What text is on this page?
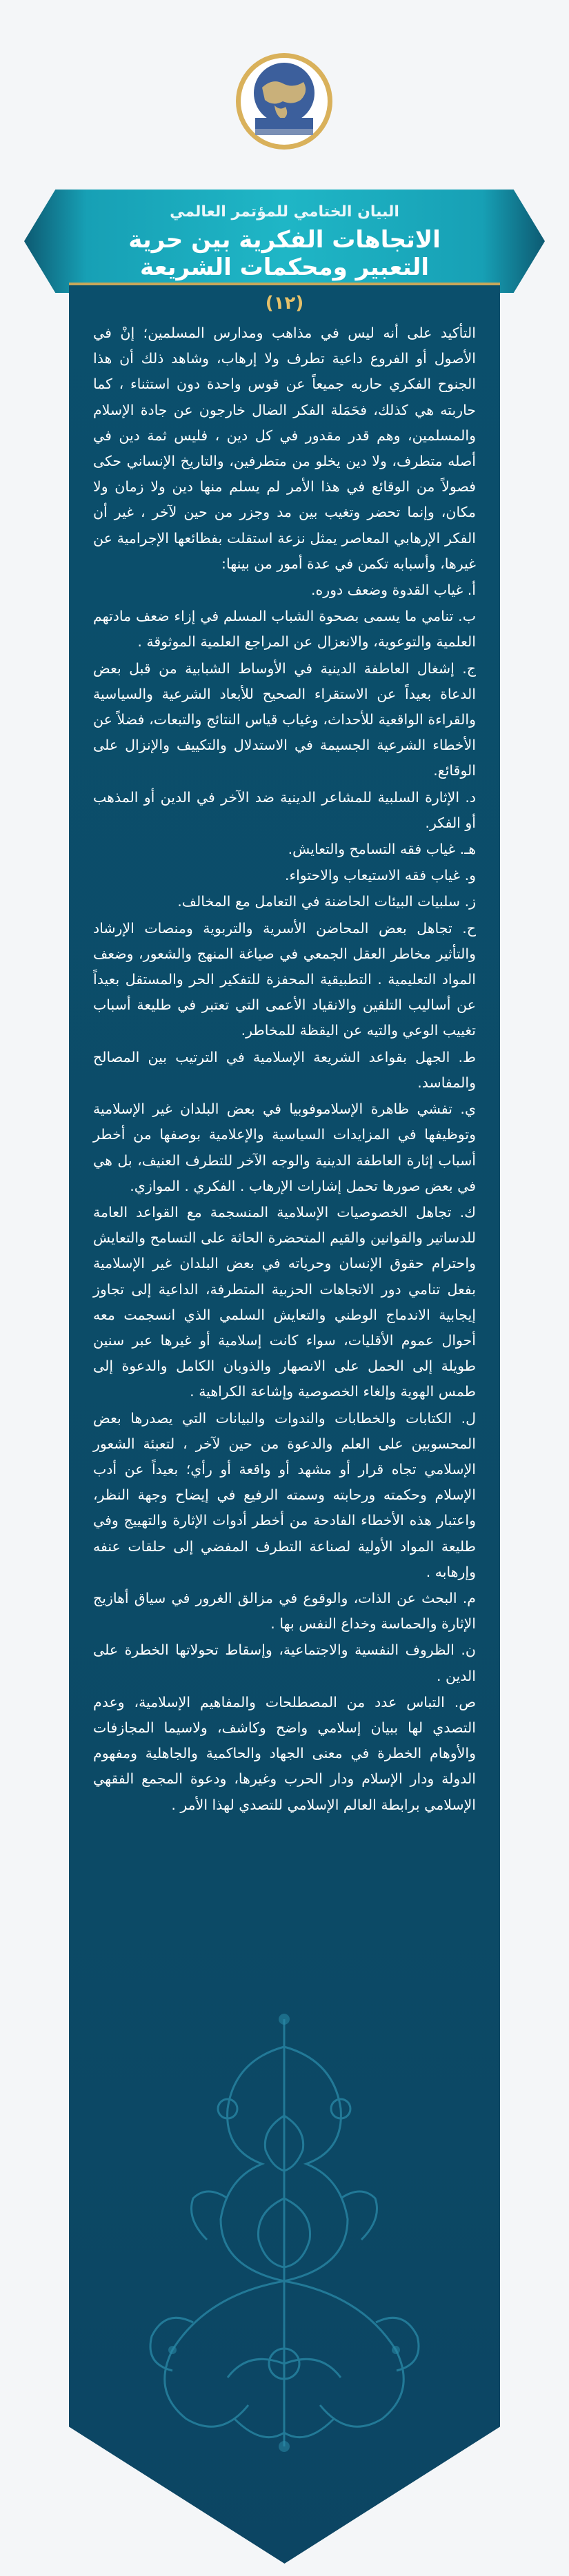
البيان الختامي للمؤتمر العالمي
الاتجاهات الفكرية بين حرية
التعبير ومحكمات الشريعة
(١٢)

التأكيد على أنه ليس في مذاهب ومدارس المسلمين؛ إنْ في الأصول أو الفروع داعية تطرف ولا إرهاب، وشاهد ذلك أن هذا الجنوح الفكري حاربه جميعاً عن قوس واحدة دون استثناء ، كما حاربته هي كذلك، فحَمَلة الفكر الضال خارجون عن جادة الإسلام والمسلمين، وهم قدر مقدور في كل دين ، فليس ثمة دين في أصله متطرف، ولا دين يخلو من متطرفين، والتاريخ الإنساني حكى فصولاً من الوقائع في هذا الأمر لم يسلم منها دين ولا زمان ولا مكان، وإنما تحضر وتغيب بين مد وجزر من حين لآخر ، غير أن الفكر الإرهابي المعاصر يمثل نزعة استقلت بفظائعها الإجرامية عن غيرها، وأسبابه تكمن في عدة أمور من بينها:

أ. غياب القدوة وضعف دوره.

ب. تنامي ما يسمى بصحوة الشباب المسلم في إزاء ضعف مادتهم العلمية والتوعوية، والانعزال عن المراجع العلمية الموثوقة .

ج. إشغال العاطفة الدينية في الأوساط الشبابية من قبل بعض الدعاة بعيداً عن الاستقراء الصحيح للأبعاد الشرعية والسياسية والقراءة الواقعية للأحداث، وغياب قياس النتائج والتبعات، فضلاً عن الأخطاء الشرعية الجسيمة في الاستدلال والتكييف والإنزال على الوقائع.

د. الإثارة السلبية للمشاعر الدينية ضد الآخر في الدين أو المذهب أو الفكر.

هـ. غياب فقه التسامح والتعايش.

و. غياب فقه الاستيعاب والاحتواء.

ز. سلبيات البيئات الحاضنة في التعامل مع المخالف.

ح. تجاهل بعض المحاضن الأسرية والتربوية ومنصات الإرشاد والتأثير مخاطر العقل الجمعي في صياغة المنهج والشعور، وضعف المواد التعليمية . التطبيقية المحفزة للتفكير الحر والمستقل بعيداً عن أساليب التلقين والانقياد الأعمى التي تعتبر في طليعة أسباب تغييب الوعي والتيه عن اليقظة للمخاطر.

ط. الجهل بقواعد الشريعة الإسلامية في الترتيب بين المصالح والمفاسد.

ي. تفشي ظاهرة الإسلاموفوبيا في بعض البلدان غير الإسلامية وتوظيفها في المزايدات السياسية والإعلامية بوصفها من أخطر أسباب إثارة العاطفة الدينية والوجه الآخر للتطرف العنيف، بل هي في بعض صورها تحمل إشارات الإرهاب . الفكري . الموازي.

ك. تجاهل الخصوصيات الإسلامية المنسجمة مع القواعد العامة للدساتير والقوانين والقيم المتحضرة الحاثة على التسامح والتعايش واحترام حقوق الإنسان وحرياته في بعض البلدان غير الإسلامية بفعل تنامي دور الاتجاهات الحزبية المتطرفة، الداعية إلى تجاوز إيجابية الاندماج الوطني والتعايش السلمي الذي انسجمت معه أحوال عموم الأقليات، سواء كانت إسلامية أو غيرها عبر سنين طويلة إلى الحمل على الانصهار والذوبان الكامل والدعوة إلى طمس الهوية وإلغاء الخصوصية وإشاعة الكراهية .

ل. الكتابات والخطابات والندوات والبيانات التي يصدرها بعض المحسوبين على العلم والدعوة من حين لآخر ، لتعبئة الشعور الإسلامي تجاه قرار أو مشهد أو واقعة أو رأي؛ بعيداً عن أدب الإسلام وحكمته ورحابته وسمته الرفيع في إيضاح وجهة النظر، واعتبار هذه الأخطاء الفادحة من أخطر أدوات الإثارة والتهييج وفي طليعة المواد الأولية لصناعة التطرف المفضي إلى حلقات عنفه وإرهابه .

م. البحث عن الذات، والوقوع في مزالق الغرور في سياق أهازيج الإثارة والحماسة وخداع النفس بها .

ن. الظروف النفسية والاجتماعية، وإسقاط تحولاتها الخطرة على الدين .

ص. التباس عدد من المصطلحات والمفاهيم الإسلامية، وعدم التصدي لها ببيان إسلامي واضح وكاشف، ولاسيما المجازفات والأوهام الخطرة في معنى الجهاد والحاكمية والجاهلية ومفهوم الدولة ودار الإسلام ودار الحرب وغيرها، ودعوة المجمع الفقهي الإسلامي برابطة العالم الإسلامي للتصدي لهذا الأمر .
